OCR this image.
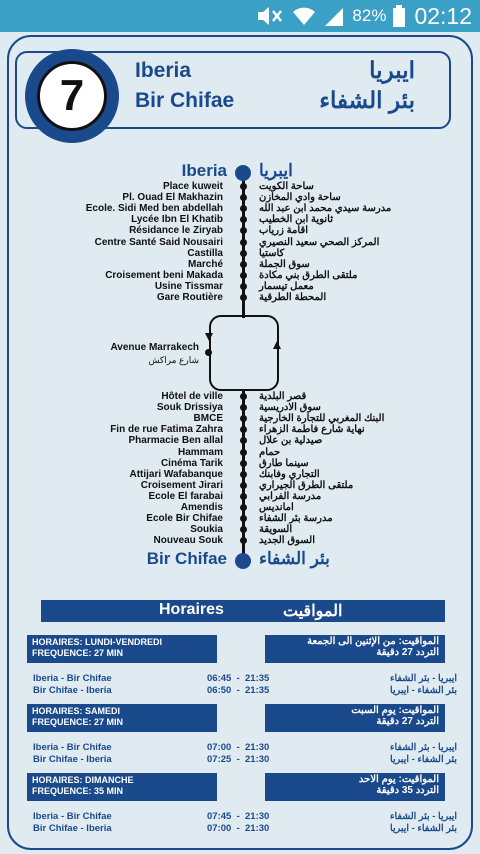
82% 02:12
Iberia
Bir Chifae
ايبريا
بئر الشفاء
7
Iberia ايبريا
Place kuweit	ساحة الكويت
Pl. Ouad El Makhazin	ساحة وادي المخازن
Ecole. Sidi Med ben abdellah	مدرسة سيدي محمد ابن عبد الله
Lycée Ibn El Khatib	ثانوية ابن الخطيب
Résidance le Ziryab	اقامة زرياب
Centre Santé Said Nousairi	المركز الصحي سعيد النصيري
Castilla	كاستيا
Marché	سوق الجملة
Croisement beni Makada	ملتقى الطرق بني مكادة
Usine Tissmar	معمل تيسمار
Gare Routière	المحطة الطرقية
Avenue Marrakech
شارع مراكش
Hôtel de ville	قصر البلدية
Souk Drissiya	سوق الادريسية
BMCE	البنك المغربي للتجارة الخارجية
Fin de rue Fatima Zahra	نهاية شارع فاطمة الزهراء
Pharmacie Ben allal	صيدلية بن علال
Hammam	حمام
Cinéma Tarik	سينما طارق
Attijari Wafabanque	التجاري وفابنك
Croisement Jirari	ملتقى الطرق الجيراري
Ecole El farabai	مدرسة الفرابي
Amendis	امانديس
Ecole Bir Chifae	مدرسة بئر الشفاء
Soukia	السويقة
Nouveau Souk	السوق الجديد
Bir Chifae بئر الشفاء
Horaires	المواقيت
HORAIRES: LUNDI-VENDREDI
FREQUENCE: 27 MIN
المواقيت: من الإثنين الى الجمعة
التردد 27 دقيقة
Iberia - Bir Chifae	06:45  -  21:35	ايبريا - بئر الشفاء
Bir Chifae - Iberia	06:50  -  21:35	بئر الشفاء - ايبريا
HORAIRES: SAMEDI
FREQUENCE: 27 MIN
المواقيت: يوم السبت
التردد 27 دقيقة
Iberia - Bir Chifae	07:00  -  21:30	ايبريا - بئر الشفاء
Bir Chifae - Iberia	07:25  -  21:30	بئر الشفاء - ايبريا
HORAIRES: DIMANCHE
FREQUENCE: 35 MIN
المواقيت: يوم الاحد
التردد 35 دقيقة
Iberia - Bir Chifae	07:45  -  21:30	ايبريا - بئر الشفاء
Bir Chifae - Iberia	07:00  -  21:30	بئر الشفاء - ايبريا
